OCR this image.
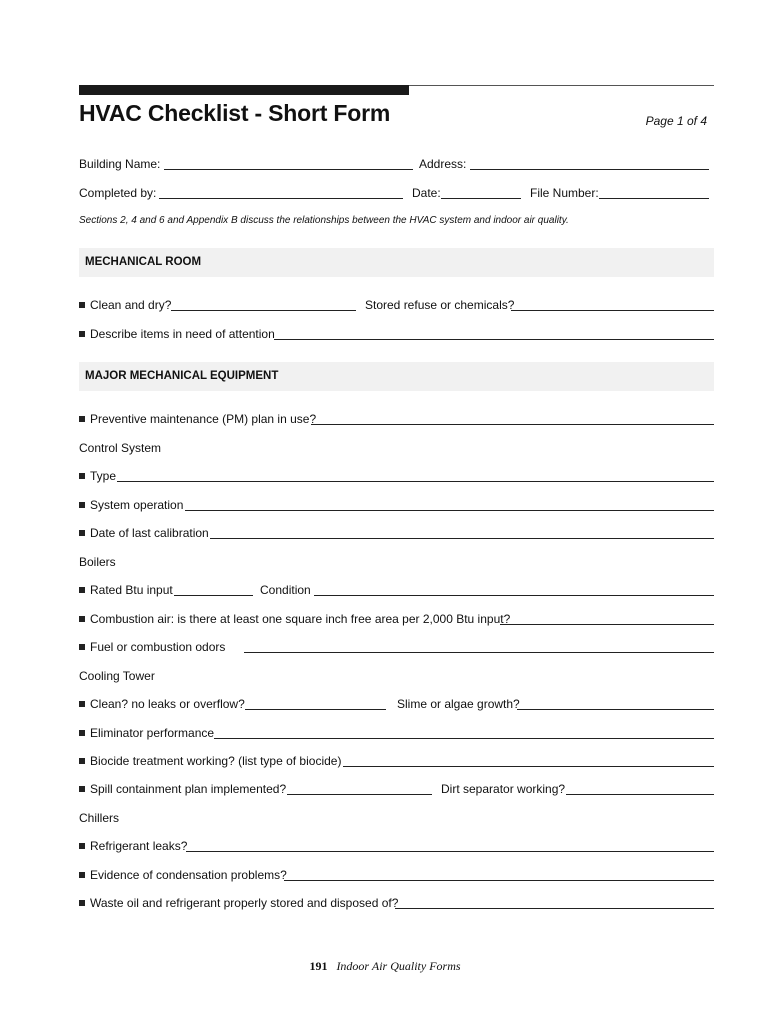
HVAC Checklist - Short Form	Page 1 of 4
Building Name:	Address:
Completed by:	Date:	File Number:
Sections 2, 4 and 6 and Appendix B discuss the relationships between the HVAC system and indoor air quality.
MECHANICAL ROOM
Clean and dry?	Stored refuse or chemicals?
Describe items in need of attention
MAJOR MECHANICAL EQUIPMENT
Preventive maintenance (PM) plan in use?
Control System
Type
System operation
Date of last calibration
Boilers
Rated Btu input	Condition
Combustion air: is there at least one square inch free area per 2,000 Btu input?
Fuel or combustion odors
Cooling Tower
Clean? no leaks or overflow?	Slime or algae growth?
Eliminator performance
Biocide treatment working? (list type of biocide)
Spill containment plan implemented?	Dirt separator working?
Chillers
Refrigerant leaks?
Evidence of condensation problems?
Waste oil and refrigerant properly stored and disposed of?
191 Indoor Air Quality Forms
